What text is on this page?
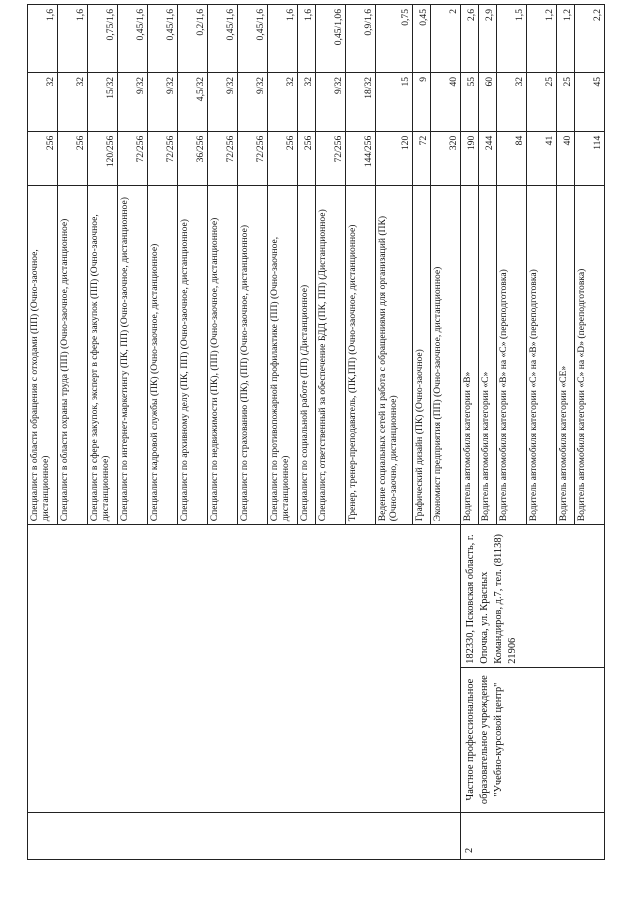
			Специалист в области обращения с отходами (ПП) (Очно-заочное, дистанционное)	256	32	1,6
			Специалист в области охраны труда (ПП) (Очно-заочное, дистанционное)	256	32	1,6
			Специалист в сфере закупок, эксперт в сфере закупок (ПП) (Очно-заочное, дистанционное)	120/256	15/32	0,75/1,6
			Специалист по интернет-маркетингу (ПК, ПП) (Очно-заочное, дистанционное)	72/256	9/32	0,45/1,6
			Специалист кадровой службы (ПК) (Очно-заочное, дистанционное)	72/256	9/32	0,45/1,6
			Специалист по архивному делу (ПК, ПП) (Очно-заочное, дистанционное)	36/256	4,5/32	0,2/1,6
			Специалист по недвижимости (ПК), (ПП) (Очно-заочное, дистанционное)	72/256	9/32	0,45/1,6
			Специалист по страхованию (ПК), (ПП) (Очно-заочное, дистанционное)	72/256	9/32	0,45/1,6
			Специалист по противопожарной профилактике (ПП) (Очно-заочное, дистанционное)	256	32	1,6
			Специалист по социальной работе (ПП) (Дистанционное)	256	32	1,6
			Специалист, ответственный за обеспечение БДД (ПК, ПП) (Дистанционное)	72/256	9/32	0,45/1,06
			Тренер, тренер-преподаватель, (ПК,ПП) (Очно-заочное, дистанционное)	144/256	18/32	0,9/1,6
			Ведение социальных сетей и работа с обращениями для организаций (ПК) (Очно-заочно, дистанционное)	120	15	0,75
			Графический дизайн (ПК) (Очно-заочное)	72	9	0,45
			Экономист предприятия (ПП) (Очно-заочное, дистанционное)	320	40	2
2	Частное профессиональное образовательное учреждение "Учебно-курсовой центр"	182330, Псковская область, г. Опочка, ул. Красных Командиров, д.7, тел. (81138) 21906	Водитель автомобиля категории «В»	190	55	2,6
			Водитель автомобиля категории «С»	244	60	2,9
			Водитель автомобиля категории «В» на «С» (переподготовка)	84	32	1,5
			Водитель автомобиля категории «С» на «В» (переподготовка)	41	25	1,2
			Водитель автомобиля категории «СЕ»	40	25	1,2
			Водитель автомобиля категории «С» на «D» (переподготовка)	114	45	2,2
